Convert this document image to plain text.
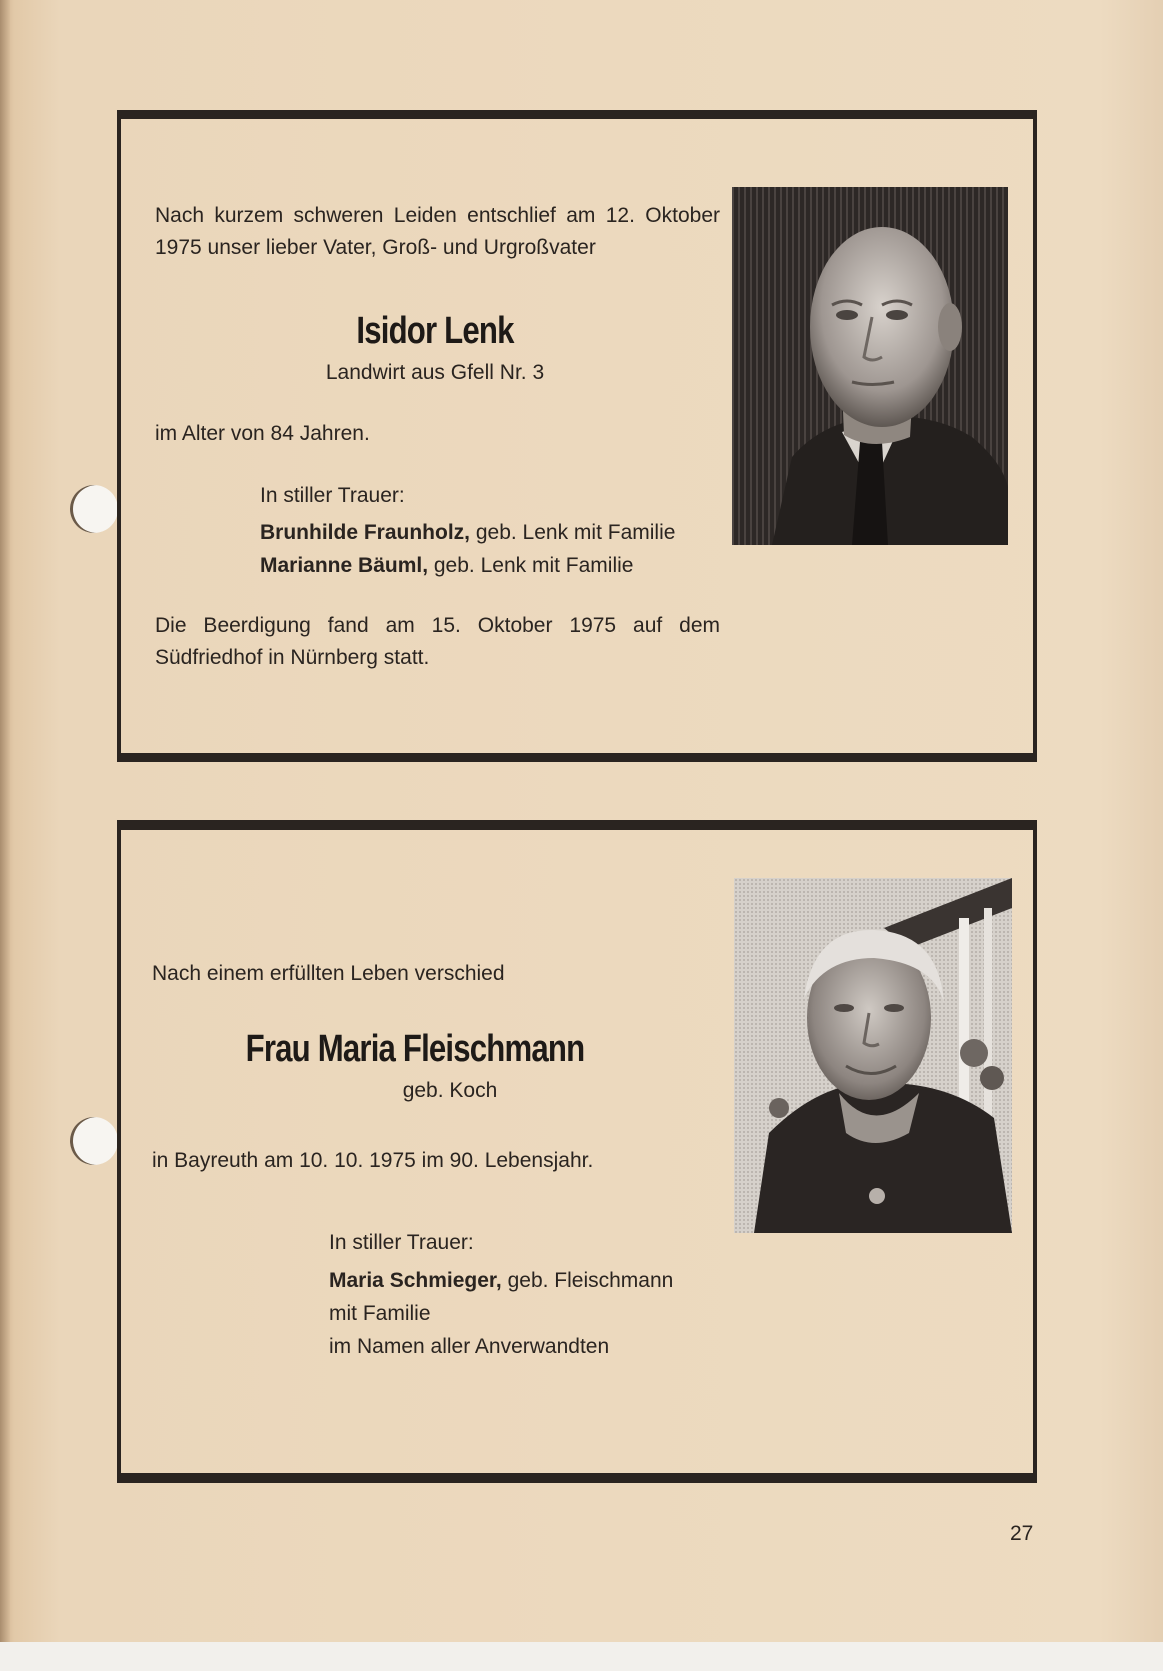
Nach kurzem schweren Leiden entschlief am 12. Oktober 1975 unser lieber Vater, Groß- und Urgroßvater
Isidor Lenk
Landwirt aus Gfell Nr. 3
im Alter von 84 Jahren.
In stiller Trauer:
Brunhilde Fraunholz, geb. Lenk mit Familie
Marianne Bäuml, geb. Lenk mit Familie
Die Beerdigung fand am 15. Oktober 1975 auf dem Südfriedhof in Nürnberg statt.
Nach einem erfüllten Leben verschied
Frau Maria Fleischmann
geb. Koch
in Bayreuth am 10. 10. 1975 im 90. Lebensjahr.
In stiller Trauer:
Maria Schmieger, geb. Fleischmann
mit Familie
im Namen aller Anverwandten
27
